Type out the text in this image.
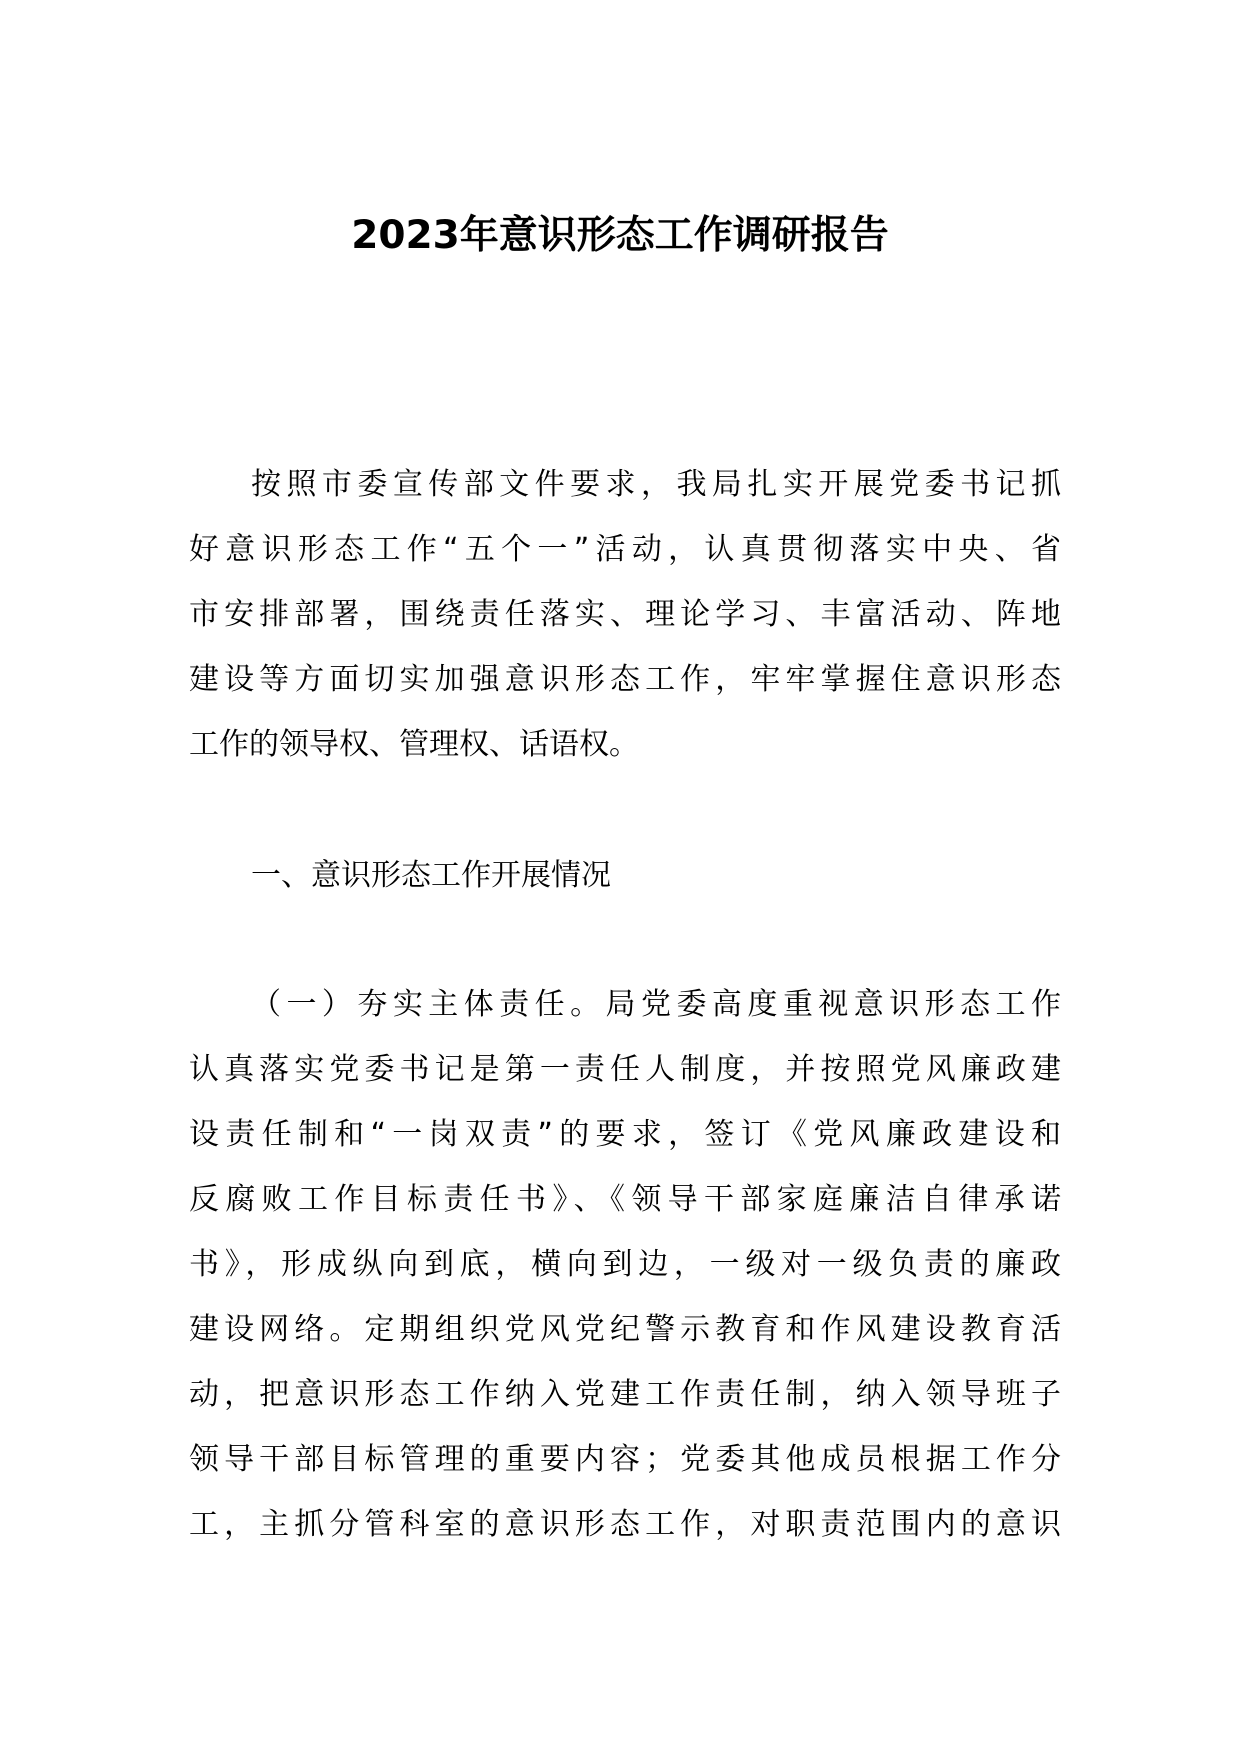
2023年意识形态工作调研报告
按照市委宣传部文件要求，我局扎实开展党委书记抓
好意识形态工作“五个一”活动，认真贯彻落实中央、省
市安排部署，围绕责任落实、理论学习、丰富活动、阵地
建设等方面切实加强意识形态工作，牢牢掌握住意识形态
工作的领导权、管理权、话语权。
一、意识形态工作开展情况
（一）夯实主体责任。局党委高度重视意识形态工作
认真落实党委书记是第一责任人制度，并按照党风廉政建
设责任制和“一岗双责”的要求，签订《党风廉政建设和
反腐败工作目标责任书》、《领导干部家庭廉洁自律承诺
书》，形成纵向到底，横向到边，一级对一级负责的廉政
建设网络。定期组织党风党纪警示教育和作风建设教育活
动，把意识形态工作纳入党建工作责任制，纳入领导班子
领导干部目标管理的重要内容；党委其他成员根据工作分
工，主抓分管科室的意识形态工作，对职责范围内的意识
